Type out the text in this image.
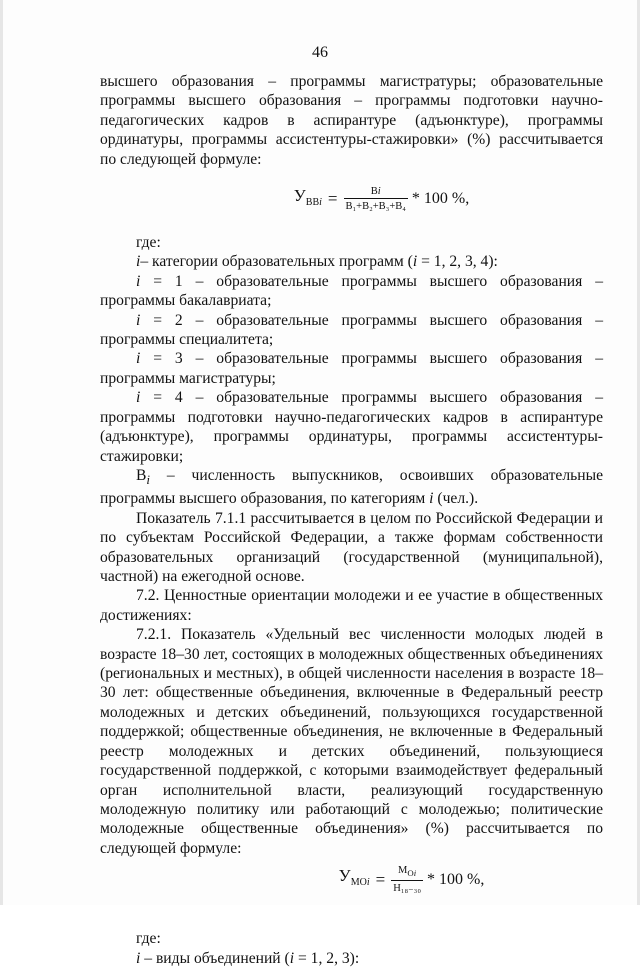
46

высшего образования – программы магистратуры; образовательные программы высшего образования – программы подготовки научно-педагогических кадров в аспирантуре (адъюнктуре), программы ординатуры, программы ассистентуры-стажировки» (%) рассчитывается по следующей формуле:

$У_{ВВi} = \frac{Вi}{\text{В₁+В₂+В₃+В₄}} * 100$ %,

где:

i– категории образовательных программ (i = 1, 2, 3, 4):

i = 1 – образовательные программы высшего образования – программы бакалавриата;

i = 2 – образовательные программы высшего образования – программы специалитета;

i = 3 – образовательные программы высшего образования – программы магистратуры;

i = 4 – образовательные программы высшего образования – программы подготовки научно-педагогических кадров в аспирантуре (адъюнктуре), программы ординатуры, программы ассистентуры-стажировки;

$В_i$ – численность выпускников, освоивших образовательные программы высшего образования, по категориям i (чел.).

Показатель 7.1.1 рассчитывается в целом по Российской Федерации и по субъектам Российской Федерации, а также формам собственности образовательных организаций (государственной (муниципальной), частной) на ежегодной основе.

7.2. Ценностные ориентации молодежи и ее участие в общественных достижениях:

7.2.1. Показатель «Удельный вес численности молодых людей в возрасте 18–30 лет, состоящих в молодежных общественных объединениях (региональных и местных), в общей численности населения в возрасте 18–30 лет: общественные объединения, включенные в Федеральный реестр молодежных и детских объединений, пользующихся государственной поддержкой; общественные объединения, не включенные в Федеральный реестр молодежных и детских объединений, пользующиеся государственной поддержкой, с которыми взаимодействует федеральный орган исполнительной власти, реализующий государственную молодежную политику или работающий с молодежью; политические молодежные общественные объединения» (%) рассчитывается по следующей формуле:

$У_{МОi} = \frac{М_{Оi}}{\text{Н₁₈₋₃₀}} * 100$ %,

где:

i – виды объединений (i = 1, 2, 3):
